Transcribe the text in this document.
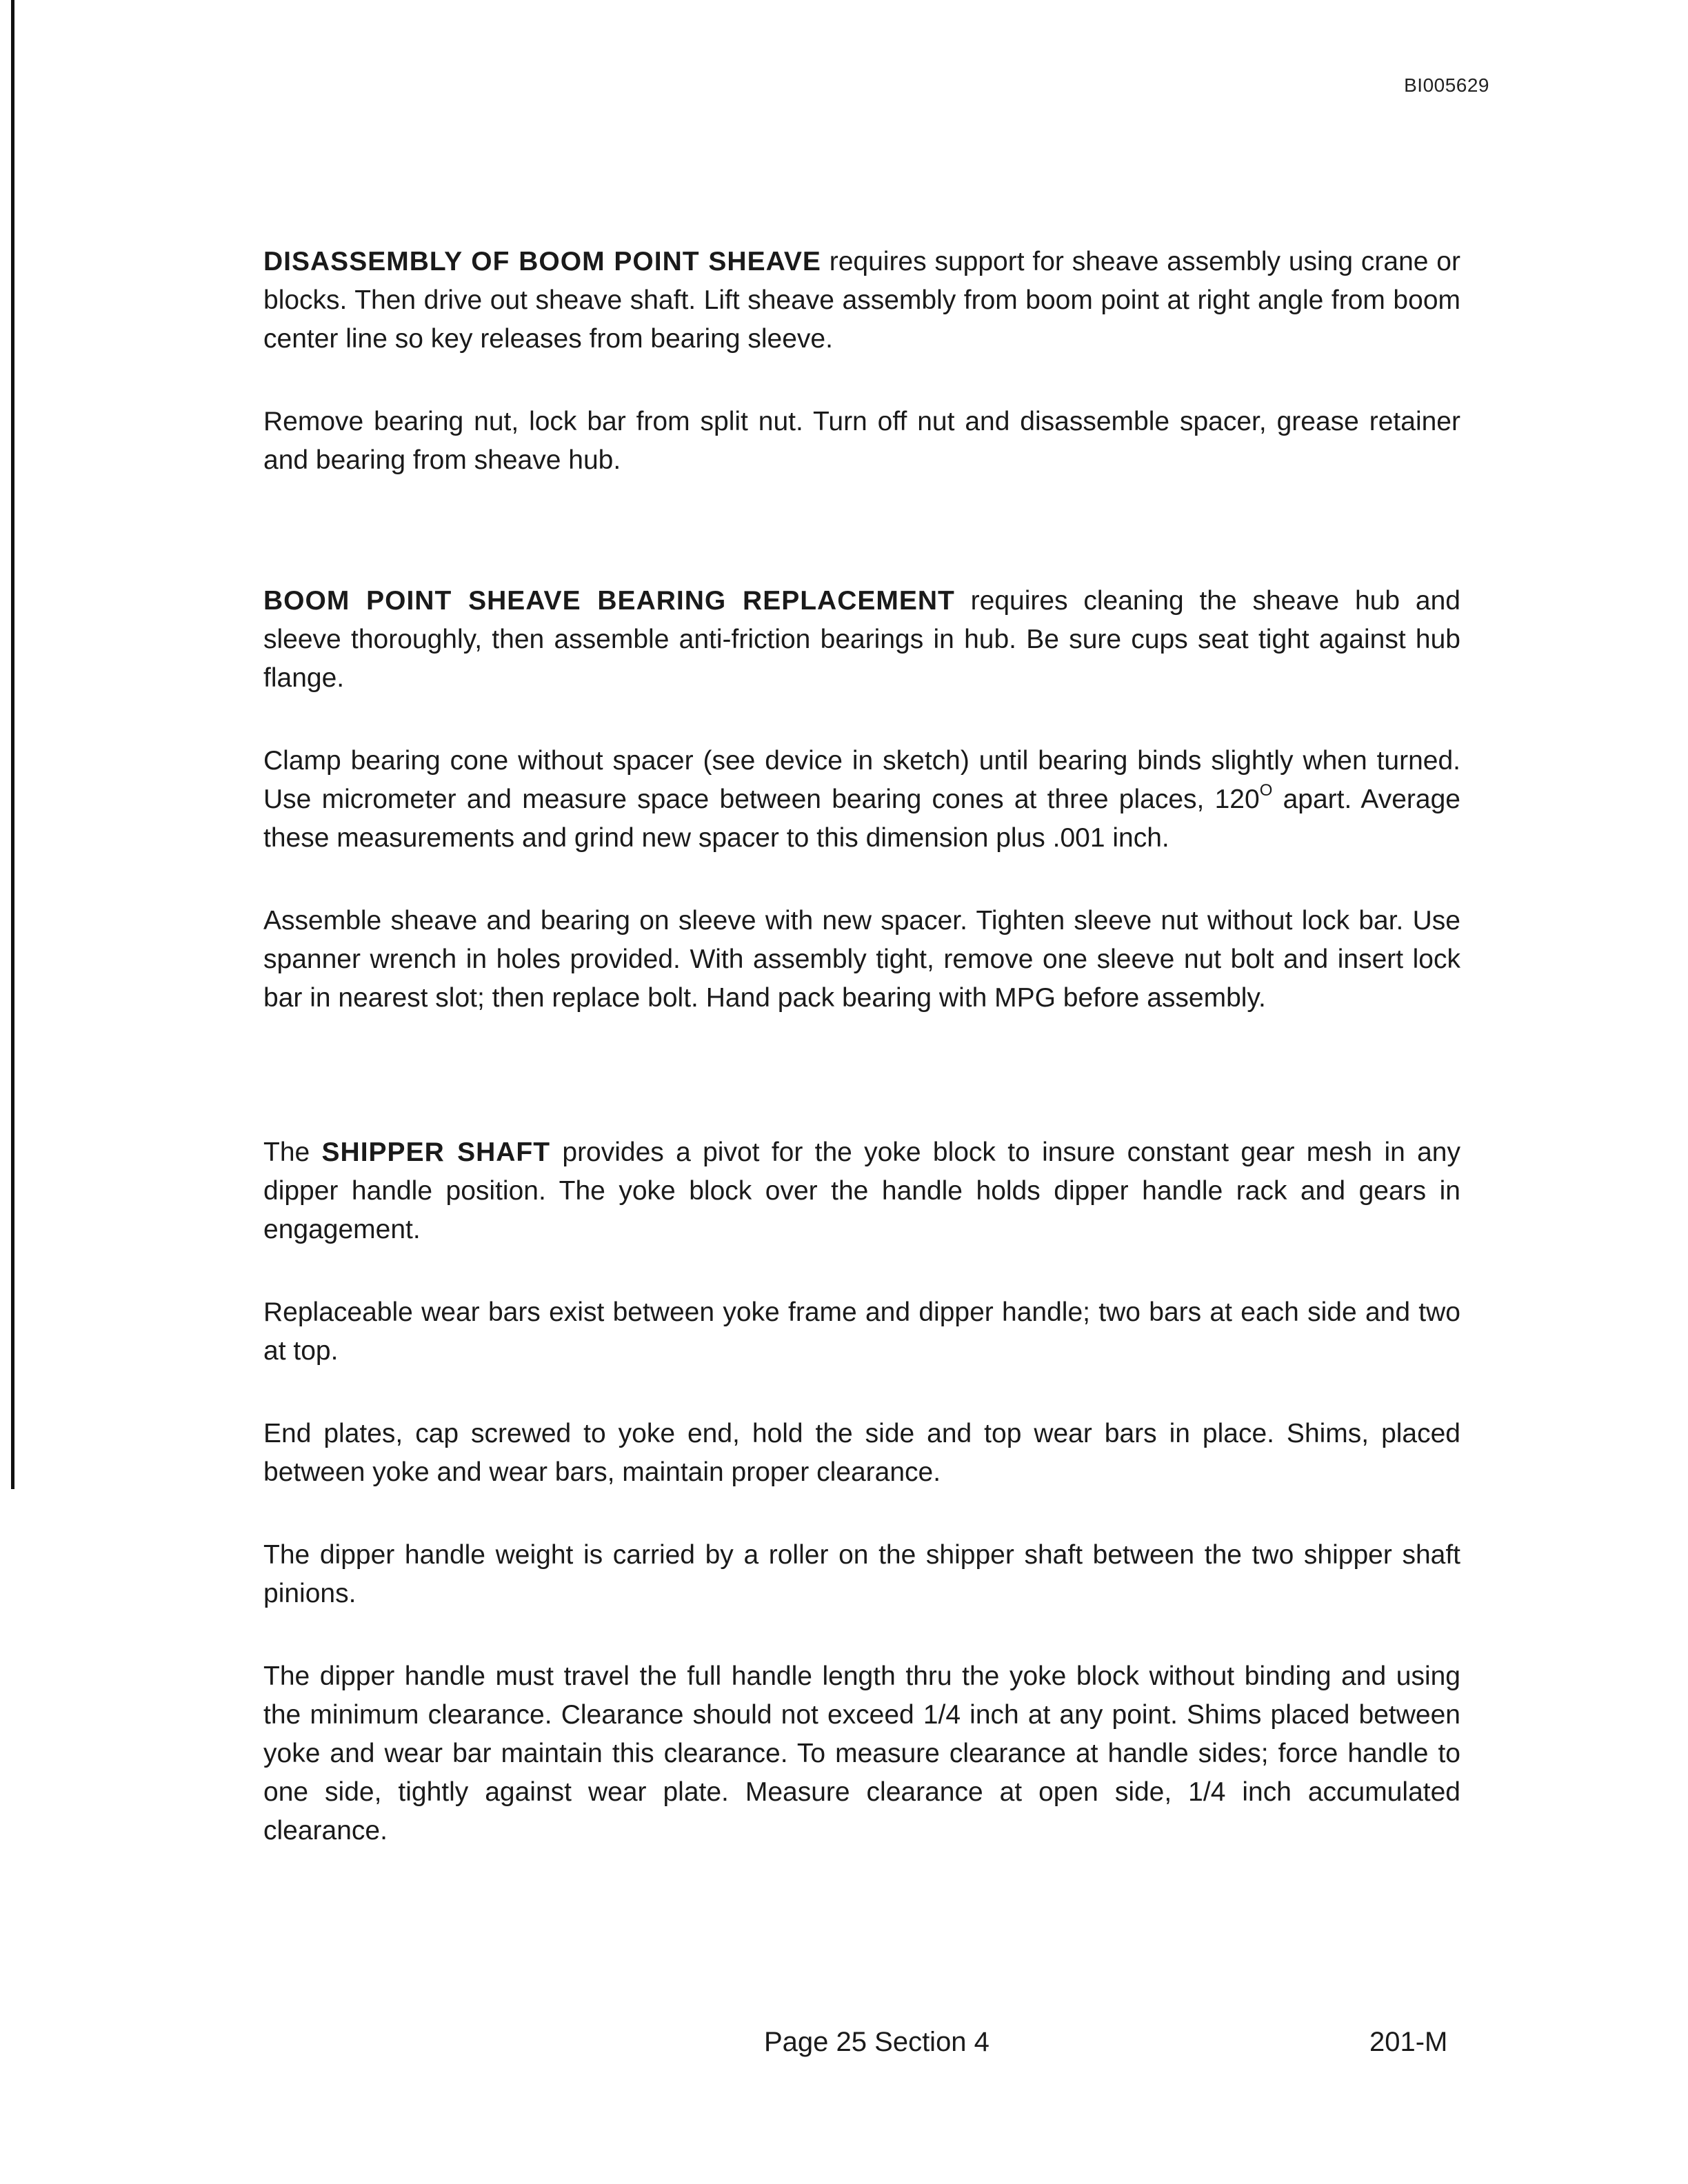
BI005629

DISASSEMBLY OF BOOM POINT SHEAVE requires support for sheave assembly using crane or blocks. Then drive out sheave shaft. Lift sheave assembly from boom point at right angle from boom center line so key releases from bearing sleeve.

Remove bearing nut, lock bar from split nut. Turn off nut and disassemble spacer, grease retainer and bearing from sheave hub.

BOOM POINT SHEAVE BEARING REPLACEMENT requires cleaning the sheave hub and sleeve thoroughly, then assemble anti-friction bearings in hub. Be sure cups seat tight against hub flange.

Clamp bearing cone without spacer (see device in sketch) until bearing binds slightly when turned. Use micrometer and measure space between bearing cones at three places, $120^O$ apart. Average these measurements and grind new spacer to this dimension plus .001 inch.

Assemble sheave and bearing on sleeve with new spacer. Tighten sleeve nut without lock bar. Use spanner wrench in holes provided. With assembly tight, remove one sleeve nut bolt and insert lock bar in nearest slot; then replace bolt. Hand pack bearing with MPG before assembly.

The SHIPPER SHAFT provides a pivot for the yoke block to insure constant gear mesh in any dipper handle position. The yoke block over the handle holds dipper handle rack and gears in engagement.

Replaceable wear bars exist between yoke frame and dipper handle; two bars at each side and two at top.

End plates, cap screwed to yoke end, hold the side and top wear bars in place. Shims, placed between yoke and wear bars, maintain proper clearance.

The dipper handle weight is carried by a roller on the shipper shaft between the two shipper shaft pinions.

The dipper handle must travel the full handle length thru the yoke block without binding and using the minimum clearance. Clearance should not exceed 1/4 inch at any point. Shims placed between yoke and wear bar maintain this clearance. To measure clearance at handle sides; force handle to one side, tightly against wear plate. Measure clearance at open side, 1/4 inch accumulated clearance.

Page 25 Section 4	201-M
